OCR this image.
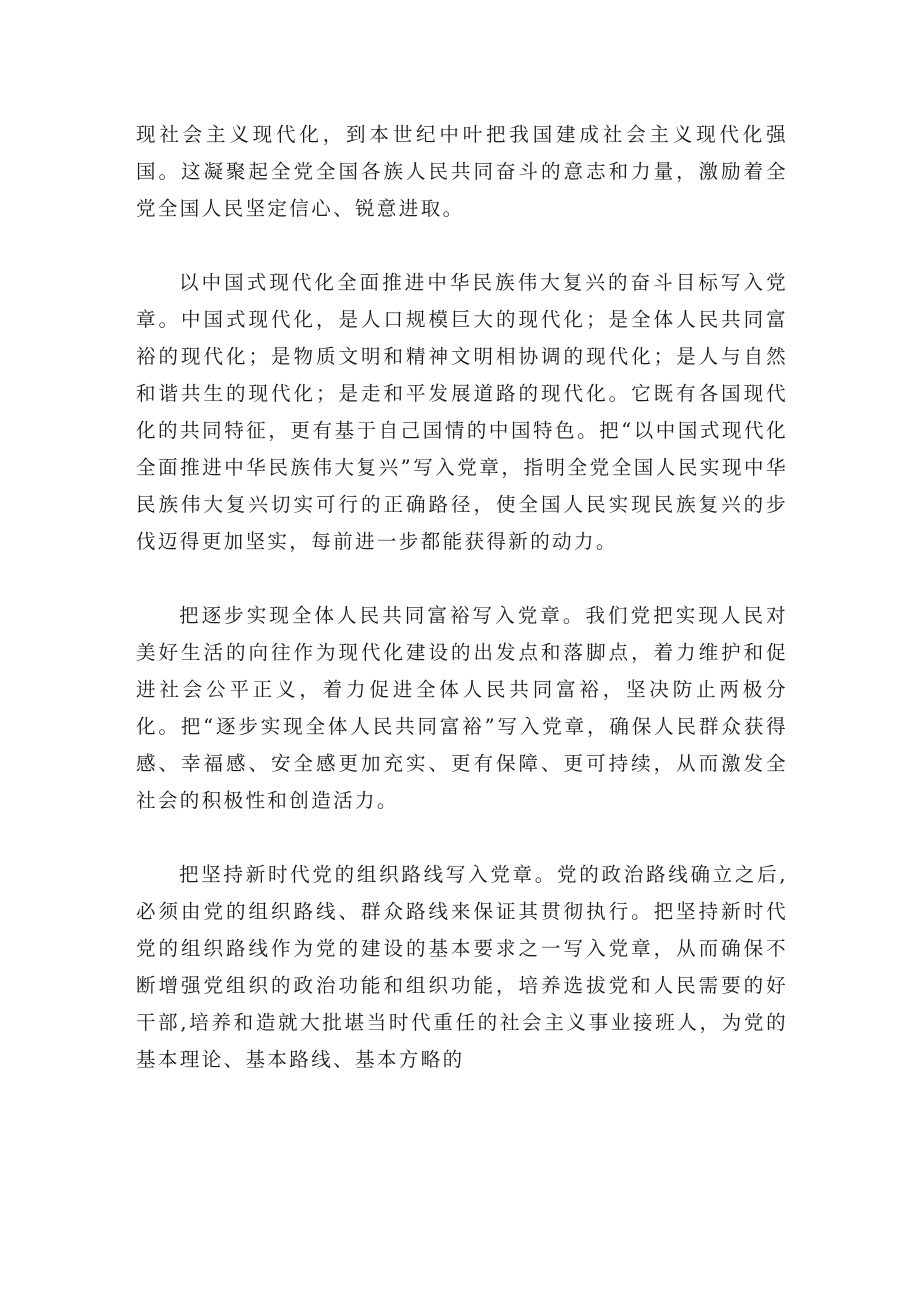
现社会主义现代化，到本世纪中叶把我国建成社会主义现代化强国。这凝聚起全党全国各族人民共同奋斗的意志和力量，激励着全党全国人民坚定信心、锐意进取。

以中国式现代化全面推进中华民族伟大复兴的奋斗目标写入党章。中国式现代化，是人口规模巨大的现代化；是全体人民共同富裕的现代化；是物质文明和精神文明相协调的现代化；是人与自然和谐共生的现代化；是走和平发展道路的现代化。它既有各国现代化的共同特征，更有基于自己国情的中国特色。把“以中国式现代化全面推进中华民族伟大复兴”写入党章，指明全党全国人民实现中华民族伟大复兴切实可行的正确路径，使全国人民实现民族复兴的步伐迈得更加坚实，每前进一步都能获得新的动力。

把逐步实现全体人民共同富裕写入党章。我们党把实现人民对美好生活的向往作为现代化建设的出发点和落脚点，着力维护和促进社会公平正义，着力促进全体人民共同富裕，坚决防止两极分化。把“逐步实现全体人民共同富裕”写入党章，确保人民群众获得感、幸福感、安全感更加充实、更有保障、更可持续，从而激发全社会的积极性和创造活力。

把坚持新时代党的组织路线写入党章。党的政治路线确立之后,必须由党的组织路线、群众路线来保证其贯彻执行。把坚持新时代党的组织路线作为党的建设的基本要求之一写入党章，从而确保不断增强党组织的政治功能和组织功能，培养选拔党和人民需要的好干部,培养和造就大批堪当时代重任的社会主义事业接班人，为党的基本理论、基本路线、基本方略的
